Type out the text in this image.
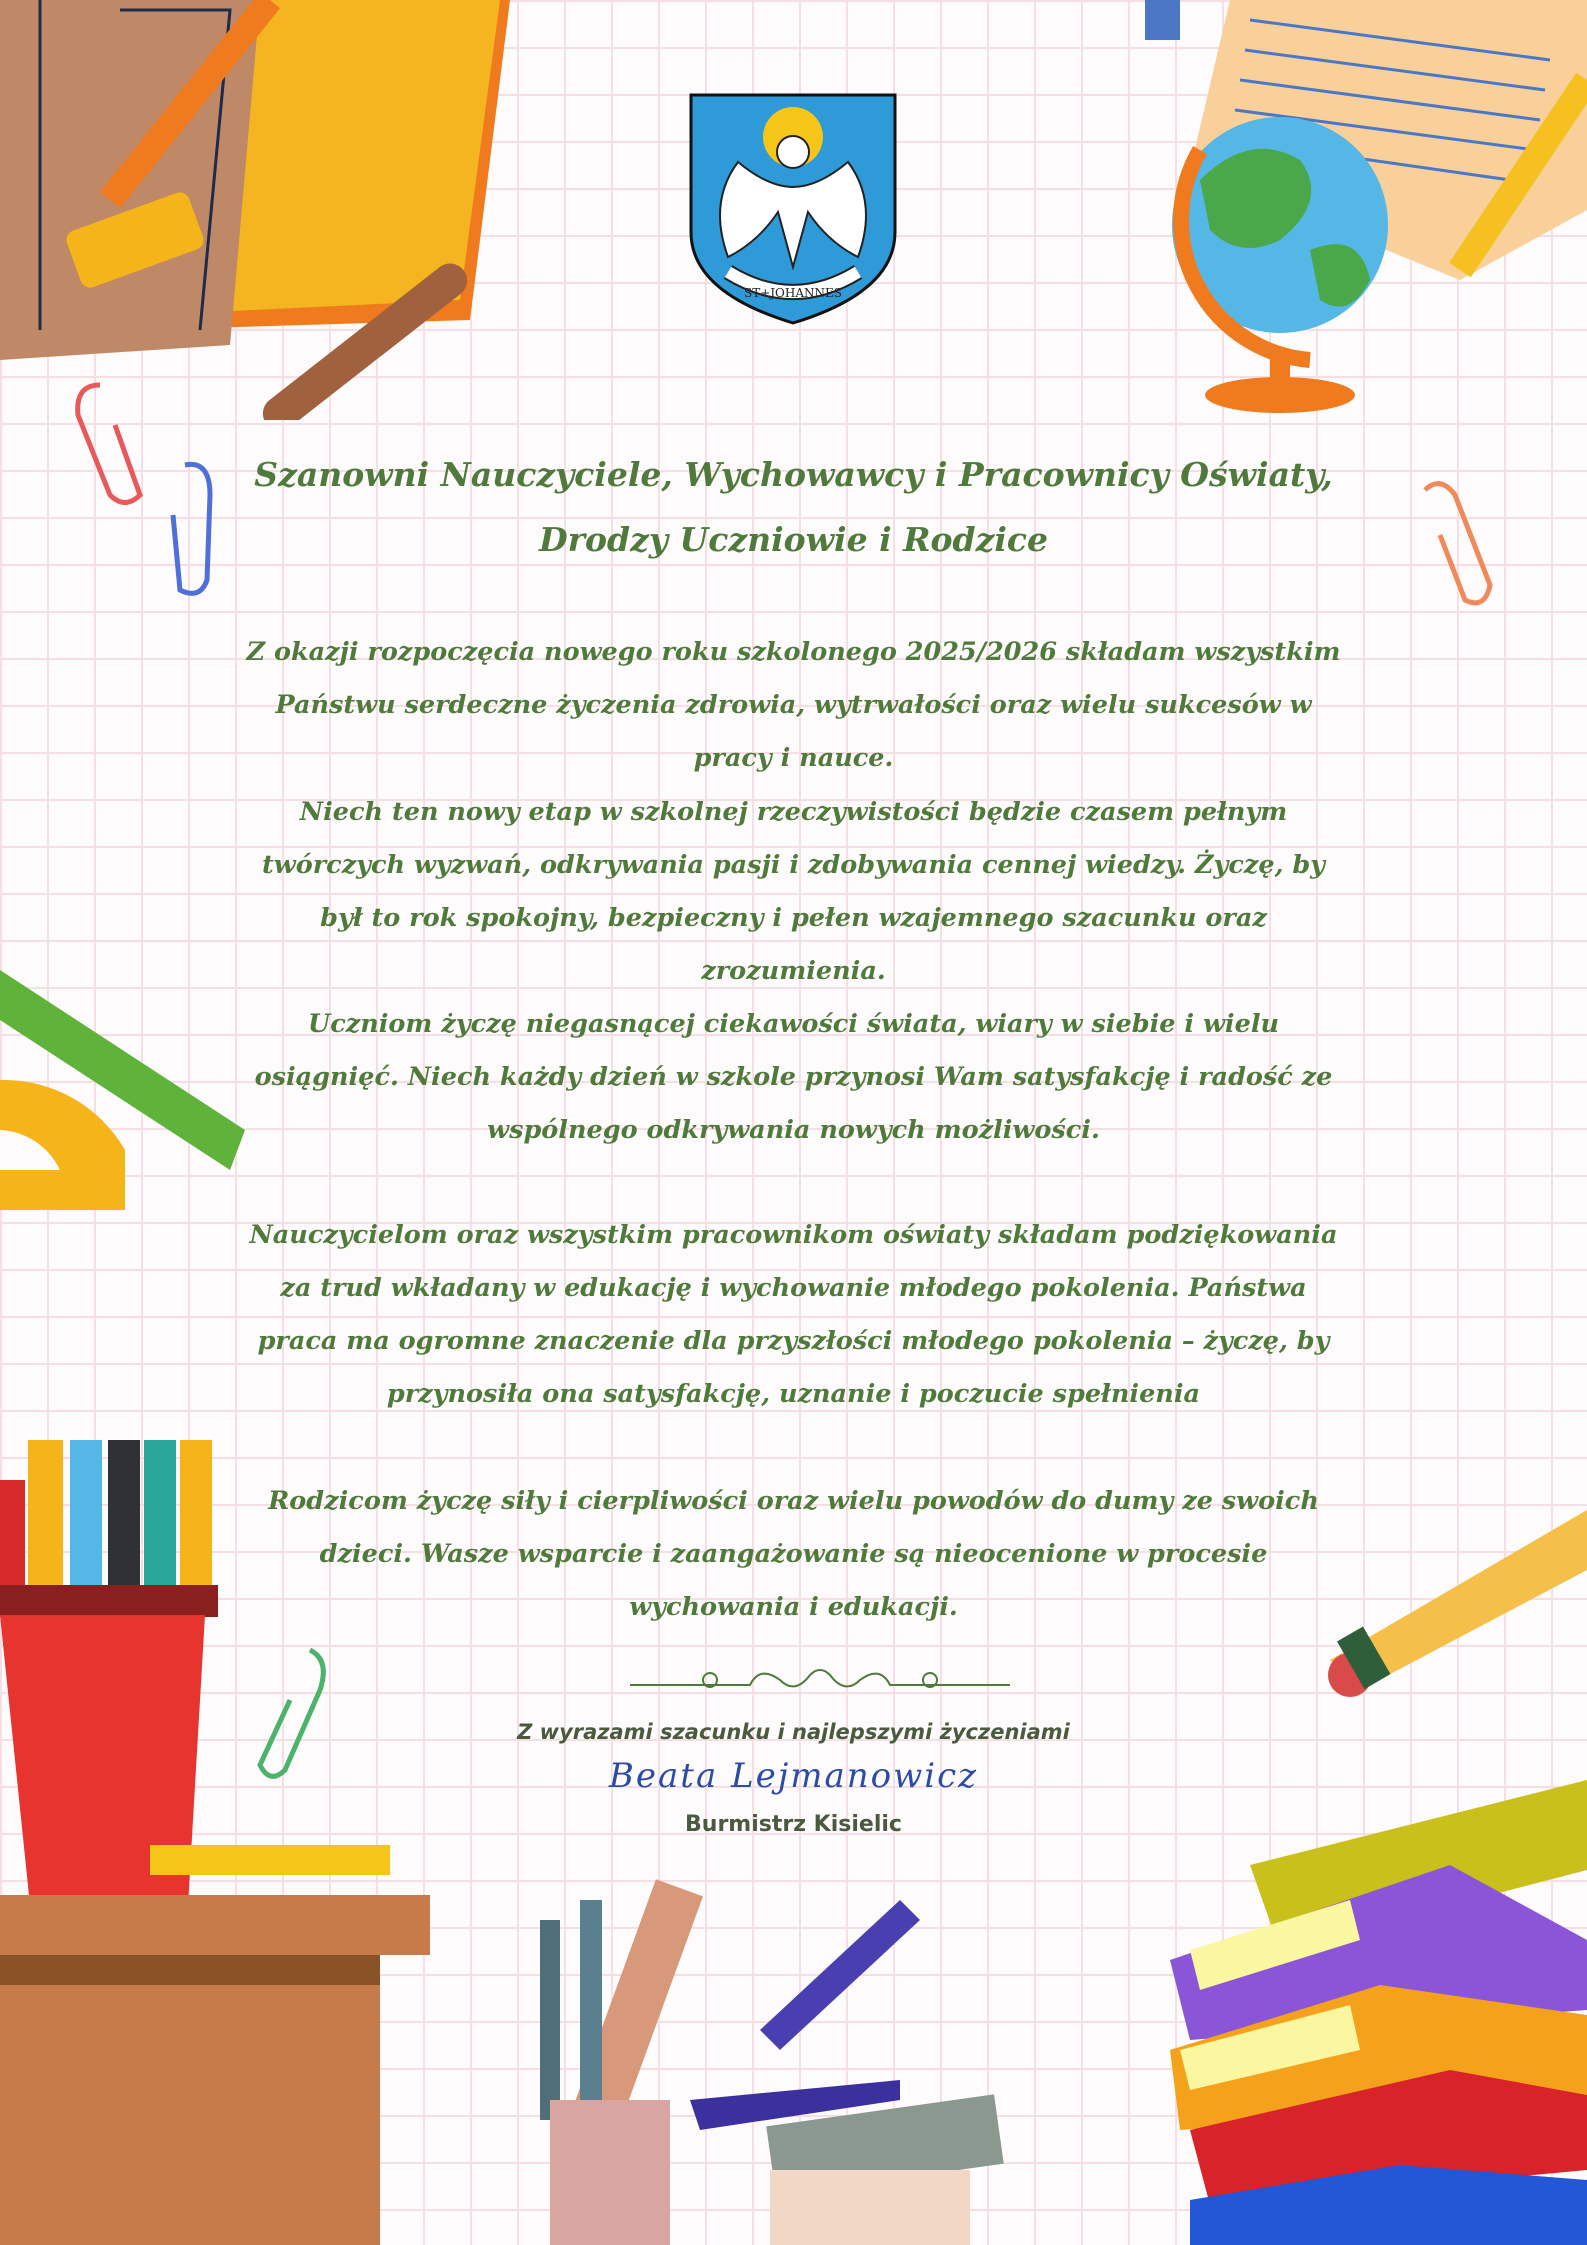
ST+JOHANNES
Szanowni Nauczyciele, Wychowawcy i Pracownicy Oświaty,
Drodzy Uczniowie i Rodzice
Z okazji rozpoczęcia nowego roku szkolonego 2025/2026 składam wszystkim Państwu serdeczne życzenia zdrowia, wytrwałości oraz wielu sukcesów w pracy i nauce.
Niech ten nowy etap w szkolnej rzeczywistości będzie czasem pełnym twórczych wyzwań, odkrywania pasji i zdobywania cennej wiedzy. Życzę, by był to rok spokojny, bezpieczny i pełen wzajemnego szacunku oraz zrozumienia.
Uczniom życzę niegasnącej ciekawości świata, wiary w siebie i wielu osiągnięć. Niech każdy dzień w szkole przynosi Wam satysfakcję i radość ze wspólnego odkrywania nowych możliwości.
Nauczycielom oraz wszystkim pracownikom oświaty składam podziękowania za trud wkładany w edukację i wychowanie młodego pokolenia. Państwa praca ma ogromne znaczenie dla przyszłości młodego pokolenia – życzę, by przynosiła ona satysfakcję, uznanie i poczucie spełnienia
Rodzicom życzę siły i cierpliwości oraz wielu powodów do dumy ze swoich dzieci. Wasze wsparcie i zaangażowanie są nieocenione w procesie wychowania i edukacji.
Z wyrazami szacunku i najlepszymi życzeniami
Beata Lejmanowicz
Burmistrz Kisielic
